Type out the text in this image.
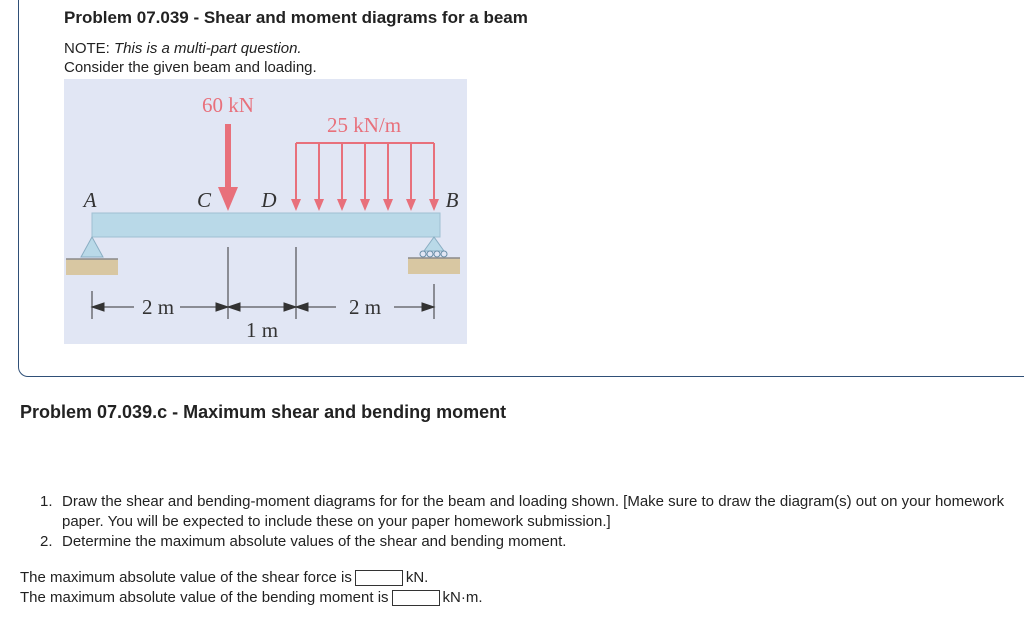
Problem 07.039 - Shear and moment diagrams for a beam
NOTE: This is a multi-part question.
Consider the given beam and loading.
60 kN
25 kN/m
A	C D	B
2 m
1 m
2 m
Problem 07.039.c - Maximum shear and bending moment
1. Draw the shear and bending-moment diagrams for for the beam and loading shown. [Make sure to draw the diagram(s) out on your homework paper. You will be expected to include these on your paper homework submission.]
2. Determine the maximum absolute values of the shear and bending moment.
The maximum absolute value of the shear force is	kN.
The maximum absolute value of the bending moment is	kN·m.
